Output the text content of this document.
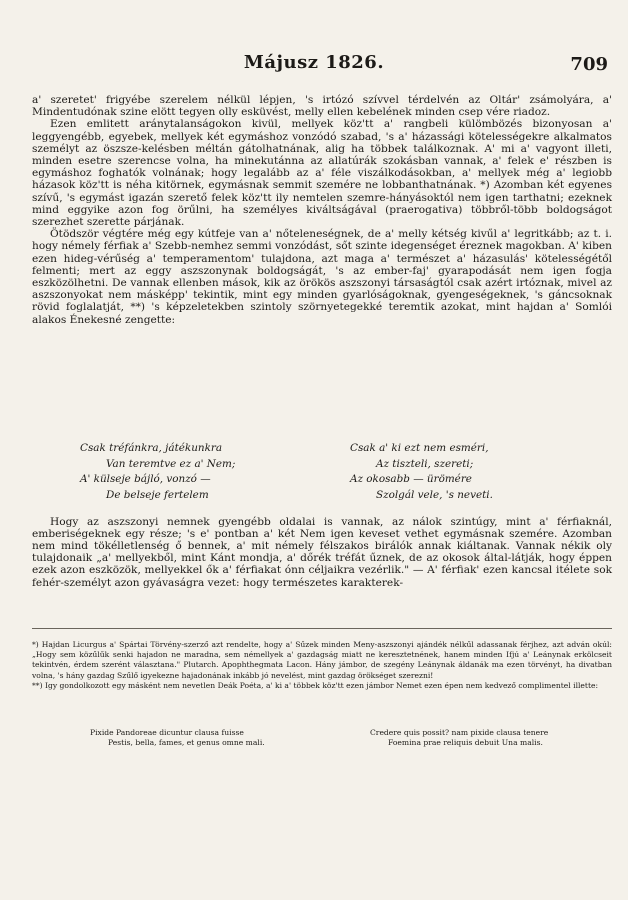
Májusz 1826.	709

a' szeretet' frigyébe szerelem nélkül lépjen, 's irtózó szívvel térdelvén az Oltár' zsámolyára, a' Mindentudónak szine elött tegyen olly esküvést, melly ellen kebelének minden csep vére riadoz.

Ezen emlitett aránytalanságokon kivül, mellyek köz'tt a' rangbeli külömbözés bizonyosan a' leggyengébb, egyebek, mellyek két egymáshoz vonzódó szabad, 's a' házassági kötelességekre alkalmatos személyt az öszsze-kelésben méltán gátolhatnának, alig ha többek találkoznak. A' mi a' vagyont illeti, minden esetre szerencse volna, ha minekutánna az allatúrák szokásban vannak, a' felek e' részben is egymáshoz foghatók volnának; hogy legalább az a' féle viszálkodásokban, a' mellyek még a' legiobb házasok köz'tt is néha kitörnek, egymásnak semmit szemére ne lobbanthatnának. *) Azomban két egyenes szívű, 's egymást igazán szerető felek köz'tt ily nemtelen szemre-hányásoktól nem igen tarthatni; ezeknek mind eggyike azon fog örűlni, ha személyes kiváltságával (praerogativa) többről-több boldogságot szerezhet szerette párjának.

Ötödször végtére még egy kútfeje van a' nőteleneségnek, de a' melly kétség kivűl a' legritkább; az t. i. hogy némely férfiak a' Szebb-nemhez semmi vonzódást, sőt szinte idegenséget éreznek magokban. A' kiben ezen hideg-vérűség a' temperamentom' tulajdona, azt maga a' természet a' házasulás' kötelességétől felmenti; mert az eggy aszszonynak boldogságát, 's az ember-faj' gyarapodását nem igen fogja eszközölhetni. De vannak ellenben mások, kik az örökös aszszonyi társaságtól csak azért irtóznak, mivel az aszszonyokat nem másképp' tekintik, mint egy minden gyarlóságoknak, gyengeségeknek, 's gáncsoknak rövid foglalatját, **) 's képzeletekben szintoly szörnyetegekké teremtik azokat, mint hajdan a' Somlói alakos Énekesné zengette:

Csak tréfánkra, játékunkra
Van teremtve ez a' Nem;
A' külseje bájló, vonzó —
De belseje fertelem
Csak a' ki ezt nem esméri,
Az tiszteli, szereti;
Az okosabb — ürömére
Szolgál vele, 's neveti.

Hogy az aszszonyi nemnek gyengébb oldalai is vannak, az nálok szintúgy, mint a' férfiaknál, emberiségeknek egy része; 's e' pontban a' két Nem igen keveset vethet egymásnak szemére. Azomban nem mind tökélletlenség ő bennek, a' mit némely félszakos birálók annak kiáltanak. Vannak nékik oly tulajdonaik „a' mellyekből, mint Kánt mondja, a' dőrék tréfát űznek, de az okosok által-látják, hogy éppen ezek azon eszközök, mellyekkel ők a' férfiakat ónn céljaikra vezérlik." — A' férfiak' ezen kancsal itélete sok fehér-személyt azon gyávaságra vezet: hogy természetes karakterek-

*) Hajdan Licurgus a' Spártai Törvény-szerző azt rendelte, hogy a' Sűzek minden Meny-aszszonyi ajándék nélkűl adassanak férjhez, azt adván okúl: „Hogy sem közűlűk senki hajadon ne maradna, sem némellyek a' gazdagság miatt ne keresztetnének, hanem minden Ifjú a' Leánynak erkölcseit tekintvén, érdem szerént választana." Plutarch. Apophthegmata Lacon. Hány jámbor, de szegény Leánynak áldanák ma ezen törvényt, ha divatban volna, 's hány gazdag Szűlő igyekezne hajadonának inkább jó nevelést, mint gazdag örökséget szerezni!

**) Igy gondolkozott egy másként nem nevetlen Deák Poéta, a' ki a' többek köz'tt ezen jámbor Nemet ezen épen nem kedvező complimentel illette:

Pixide Pandoreae dicuntur clausa fuisse
Pestis, bella, fames, et genus omne mali.
Credere quis possit? nam pixide clausa tenere
Foemina prae reliquis debuit Una malis.
